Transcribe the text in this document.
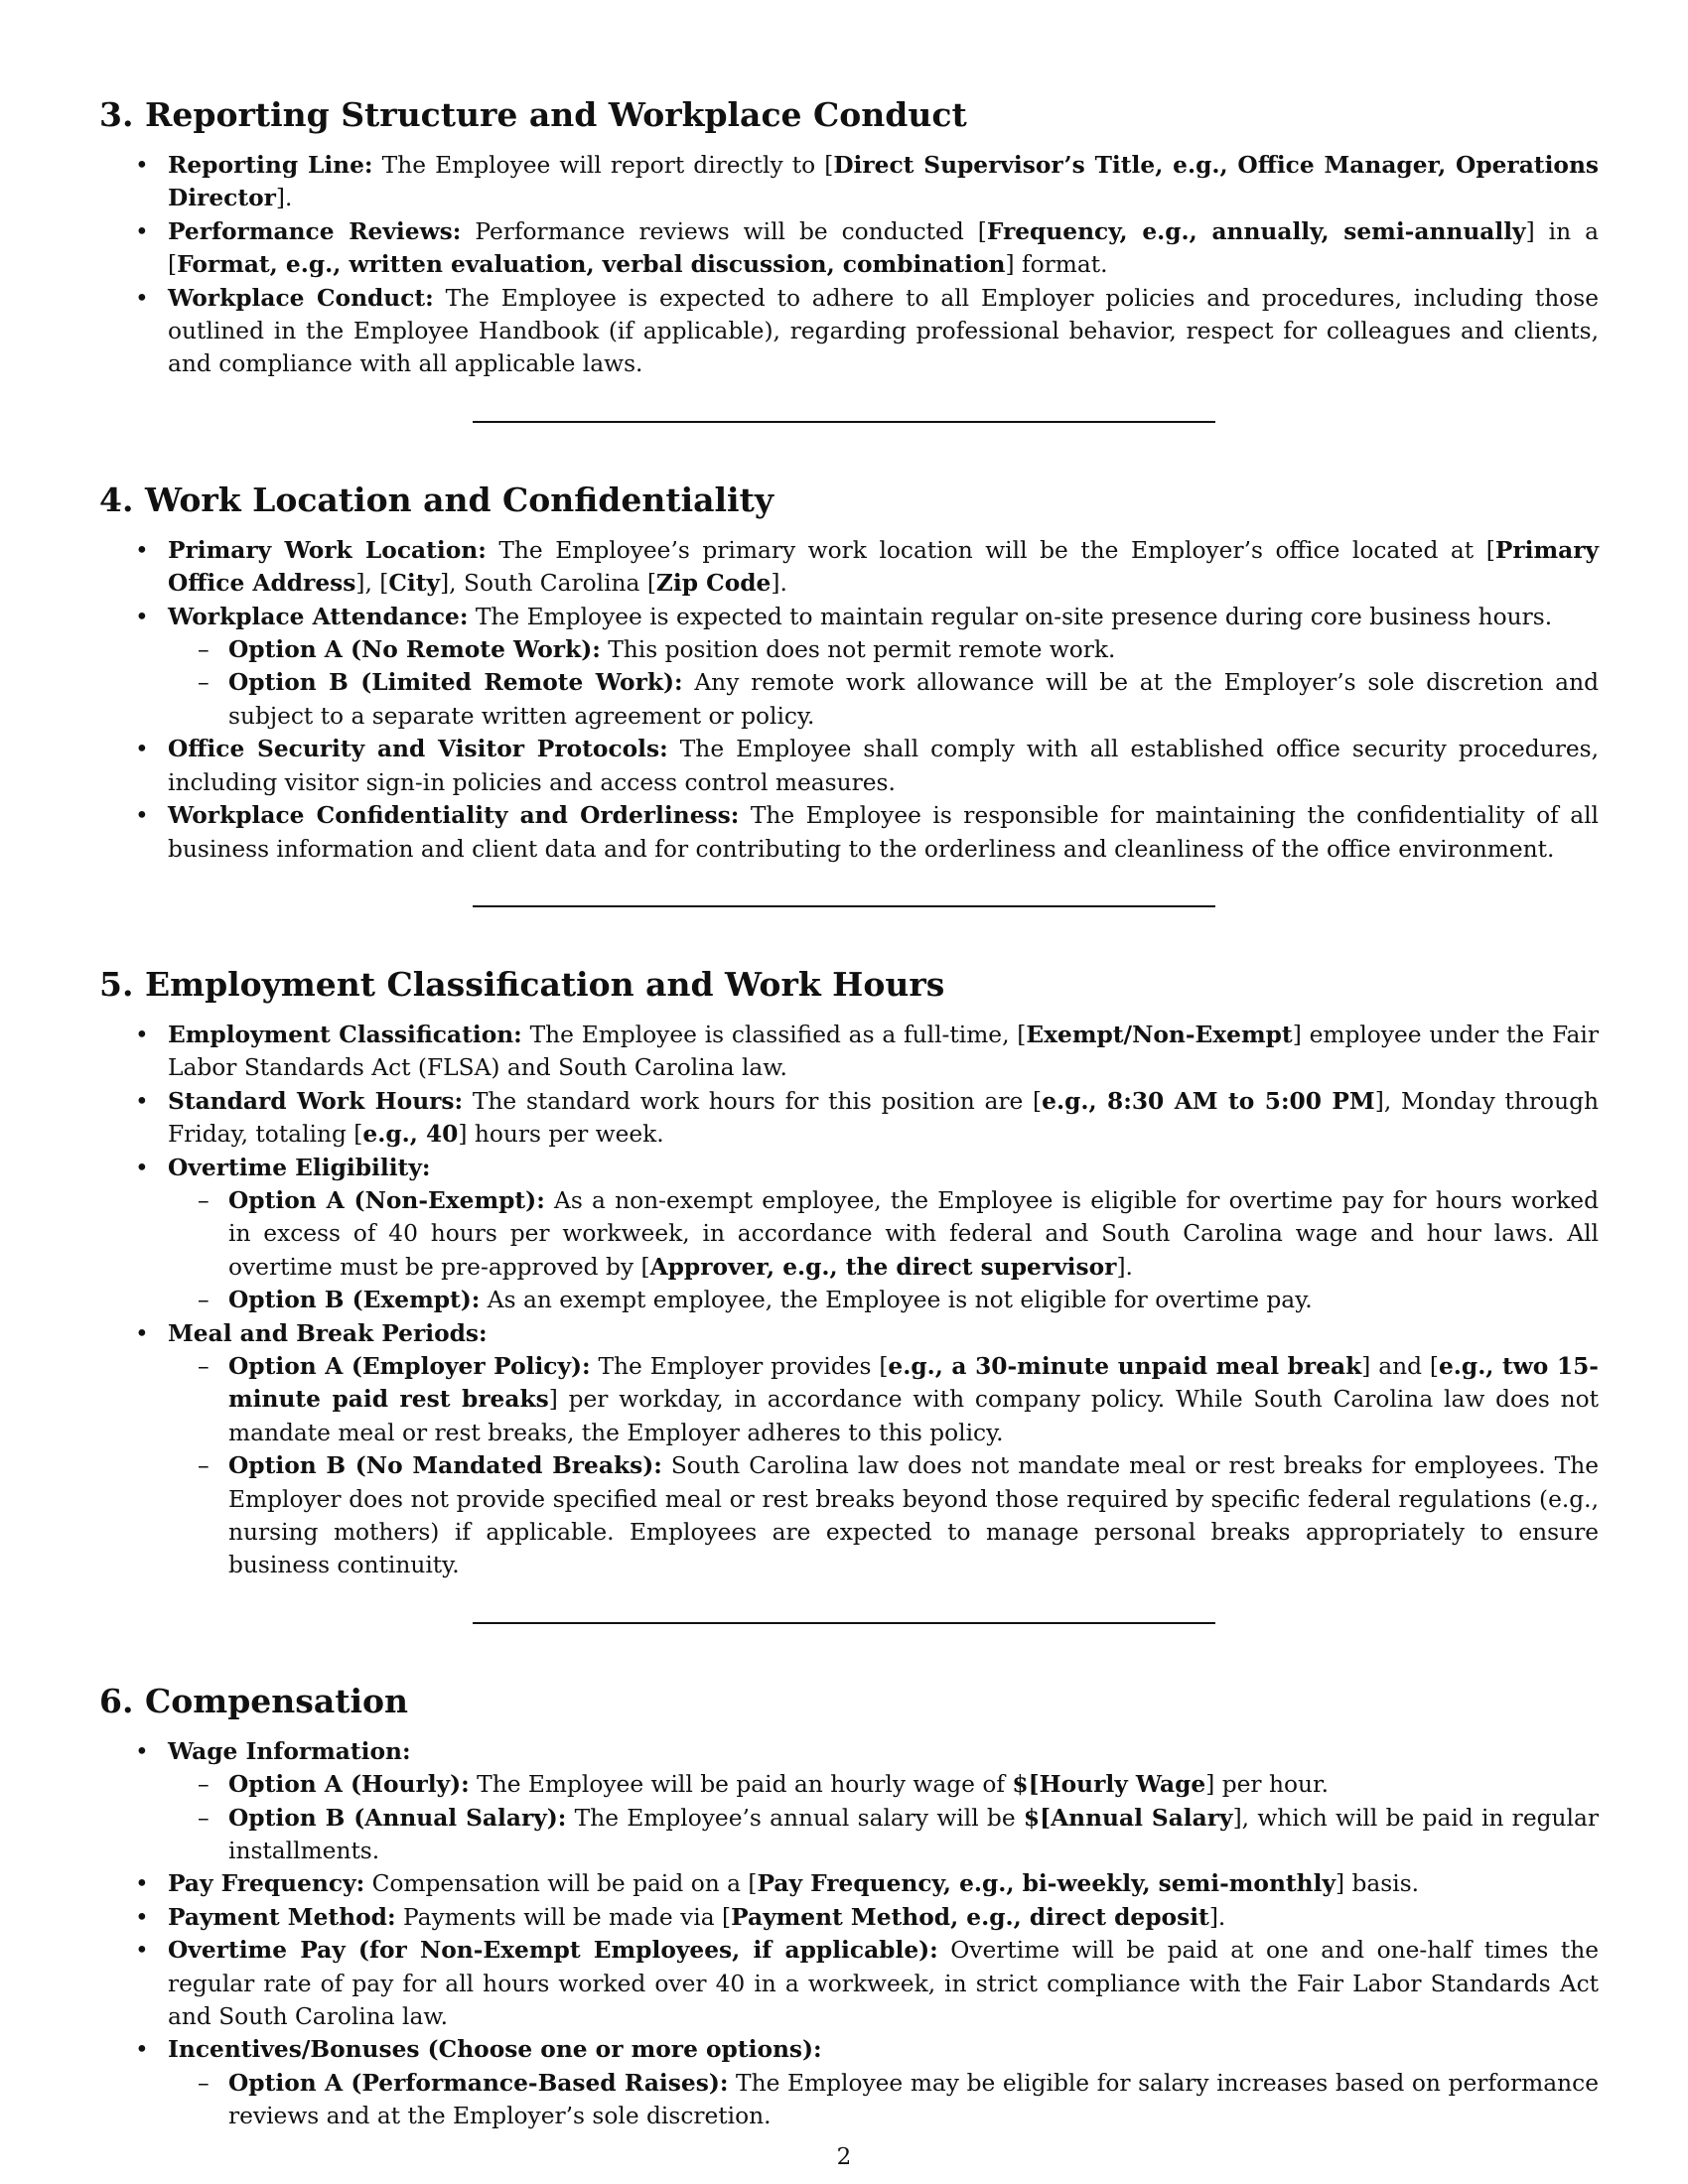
3. Reporting Structure and Workplace Conduct
• Reporting Line: The Employee will report directly to [Direct Supervisor’s Title, e.g., Office Manager, Operations Director].
• Performance Reviews: Performance reviews will be conducted [Frequency, e.g., annually, semi-annually] in a [Format, e.g., written evaluation, verbal discussion, combination] format.
• Workplace Conduct: The Employee is expected to adhere to all Employer policies and procedures, including those outlined in the Employee Handbook (if applicable), regarding professional behavior, respect for colleagues and clients, and compliance with all applicable laws.
4. Work Location and Confidentiality
• Primary Work Location: The Employee’s primary work location will be the Employer’s office located at [Primary Office Address], [City], South Carolina [Zip Code].
• Workplace Attendance: The Employee is expected to maintain regular on-site presence during core business hours.
– Option A (No Remote Work): This position does not permit remote work.
– Option B (Limited Remote Work): Any remote work allowance will be at the Employer’s sole discretion and subject to a separate written agreement or policy.
• Office Security and Visitor Protocols: The Employee shall comply with all established office security procedures, including visitor sign-in policies and access control measures.
• Workplace Confidentiality and Orderliness: The Employee is responsible for maintaining the confidentiality of all business information and client data and for contributing to the orderliness and cleanliness of the office environment.
5. Employment Classification and Work Hours
• Employment Classification: The Employee is classified as a full-time, [Exempt/Non-Exempt] employee under the Fair Labor Standards Act (FLSA) and South Carolina law.
• Standard Work Hours: The standard work hours for this position are [e.g., 8:30 AM to 5:00 PM], Monday through Friday, totaling [e.g., 40] hours per week.
• Overtime Eligibility:
– Option A (Non-Exempt): As a non-exempt employee, the Employee is eligible for overtime pay for hours worked in excess of 40 hours per workweek, in accordance with federal and South Carolina wage and hour laws. All overtime must be pre-approved by [Approver, e.g., the direct supervisor].
– Option B (Exempt): As an exempt employee, the Employee is not eligible for overtime pay.
• Meal and Break Periods:
– Option A (Employer Policy): The Employer provides [e.g., a 30-minute unpaid meal break] and [e.g., two 15-minute paid rest breaks] per workday, in accordance with company policy. While South Carolina law does not mandate meal or rest breaks, the Employer adheres to this policy.
– Option B (No Mandated Breaks): South Carolina law does not mandate meal or rest breaks for employees. The Employer does not provide specified meal or rest breaks beyond those required by specific federal regulations (e.g., nursing mothers) if applicable. Employees are expected to manage personal breaks appropriately to ensure business continuity.
6. Compensation
• Wage Information:
– Option A (Hourly): The Employee will be paid an hourly wage of $[Hourly Wage] per hour.
– Option B (Annual Salary): The Employee’s annual salary will be $[Annual Salary], which will be paid in regular installments.
• Pay Frequency: Compensation will be paid on a [Pay Frequency, e.g., bi-weekly, semi-monthly] basis.
• Payment Method: Payments will be made via [Payment Method, e.g., direct deposit].
• Overtime Pay (for Non-Exempt Employees, if applicable): Overtime will be paid at one and one-half times the regular rate of pay for all hours worked over 40 in a workweek, in strict compliance with the Fair Labor Standards Act and South Carolina law.
• Incentives/Bonuses (Choose one or more options):
– Option A (Performance-Based Raises): The Employee may be eligible for salary increases based on performance reviews and at the Employer’s sole discretion.
2
